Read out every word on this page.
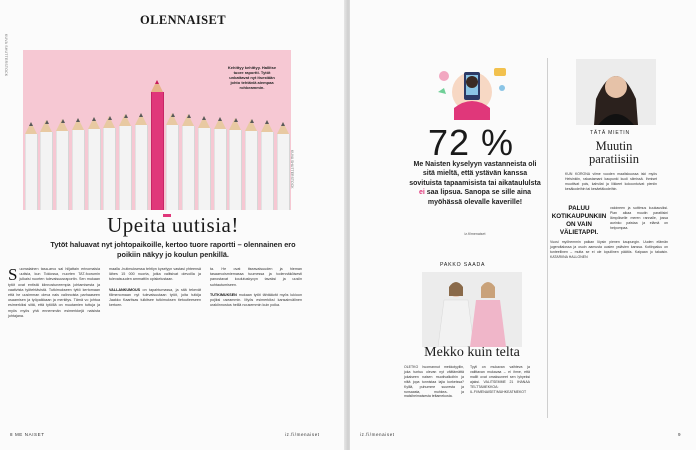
KUVA SHUTTERSTOCK
OLENNAISET
Kehittyy kehittyy. Hallitse tuore raportti. Tytöt unkattavat nyt itsestään johto tehtäviä aiempaa rohkeammin.
KUVA SHUTTERSTOCK
Upeita uutisia!
Tytöt haluavat nyt johtopaikoille, kertoo tuore raportti – olennainen ero poikiin näkyy jo koulun penkillä.
S uomalainen tasa-arvo sai hiljattain erinomaisia uutisia, kun Tokiossa, nuorten TAT-foorumin julkaisi nuorten tulevaisuusraportin. Sen mukaan tytöt ovat entistä kiinnostuneempia johtamisesta ja vaativista työtehtävistä. Tutkimukseen tyttö kertomaan että he uusimman oleva nais valinnoista parhaaseen osaamisen ja työpaikkaan ja merkitys. Tämä vo johtua esimerkiksi siitä, että tytöillä on muutamien tuttuja ja myös myös yhä ennemmän esimerkkejä naisista johtajana.
maalla -hutimuksessa tehtiyn kyselyyn vastasi yhteensä lähes 15 000 nuorta, jotka valitsivat olevoilla ja tulevaisuuden ammattiin opiskelustaan.

VALLANKUMOUS on tapahtumassa, ja sitä tekevät tilimenomaan nyt tulevaisuutaan tytöt, joita tutkija Jaakko Kaaritsas tulkitsee tutkimuksen tietoutieeseen kertoen.
ta. He ovat itseavaisuuden ja hieman tasaarvoismiemassa tuumessa ja todennäköisesti panostavat koulutuskyvyn tavaksi ja uusiin suhtautumiseen.

TUTKIMUKSEN mukaan tytöt tähtäävät myös lukioon pojiksi useammin. Myös esimerkiksi kansainvälinen urakiinnostus heillä nousemmin kuin poika.
8 ME NAISET	iz.fi/menaiset
72 %
Me Naisten kyselyyn vastanneista oli sitä mieltä, että ystävän kanssa sovituista tapaamisista tai aikataululsta ei saa lipsua. Sanopa se sille aina myöhässä olevalle kaverille!
iz.fi/menaiset
PAKKO SAADA
Mekko kuin telta
OLETKO huomannut mekkotyyliin, joka tuntuu olevan nyt väittämättä jokaiseen naisen muotivalkoihin ja niitä jopa tunnistaa lajia korkeissa? Kylllä, puhumme suuresta ja runsaasta, muhkea- ja malsiheimaisesta teltamekosta.
Tyyli on mukavan vaihteva ja valittavan mukavaa – ei ihme, että mallit ovat omaksuneet sen lyhyeksi ajaksi. VALITSEMME 21 IHANAA TELTTAMEKKOA: IL.FI/MENAISET/MUHKEATMEKOT
TÄTÄ MIETIN
Muutin paratiisiin
KUN KORONA viime vuoden maaliskuussa iski myös Helsinkiin, rakastamani kaupunki kuoli silmissä. Ihmiset muuttivat pois, kahvilat ja liikkeet kokoontuivat pieniin kesäkodeihin tai kesäetäkodeihin.
PALUU KOTIKAUPUNKIIN ON VAIN VÄLIETAPPI.
valoineen ja suttimus kuukausiksi. Pian aikaa muutin paratiisini lämpöiselle meren rannalle, jossa aurinko paistaa ja elämä on helpompaa.
Vuosi myöhemmin paikan löysin pienen kaupungin. Uuden elämän jugendtalossa ja osuin aamusta uusien ystävien kanssa. Kotiinpaluu on tunteellinen – mutta se ei ole lopullinen päätös. Kaipaan jo takaisin. KATARIINA HALLONEN
iz.fi/menaiset	9
